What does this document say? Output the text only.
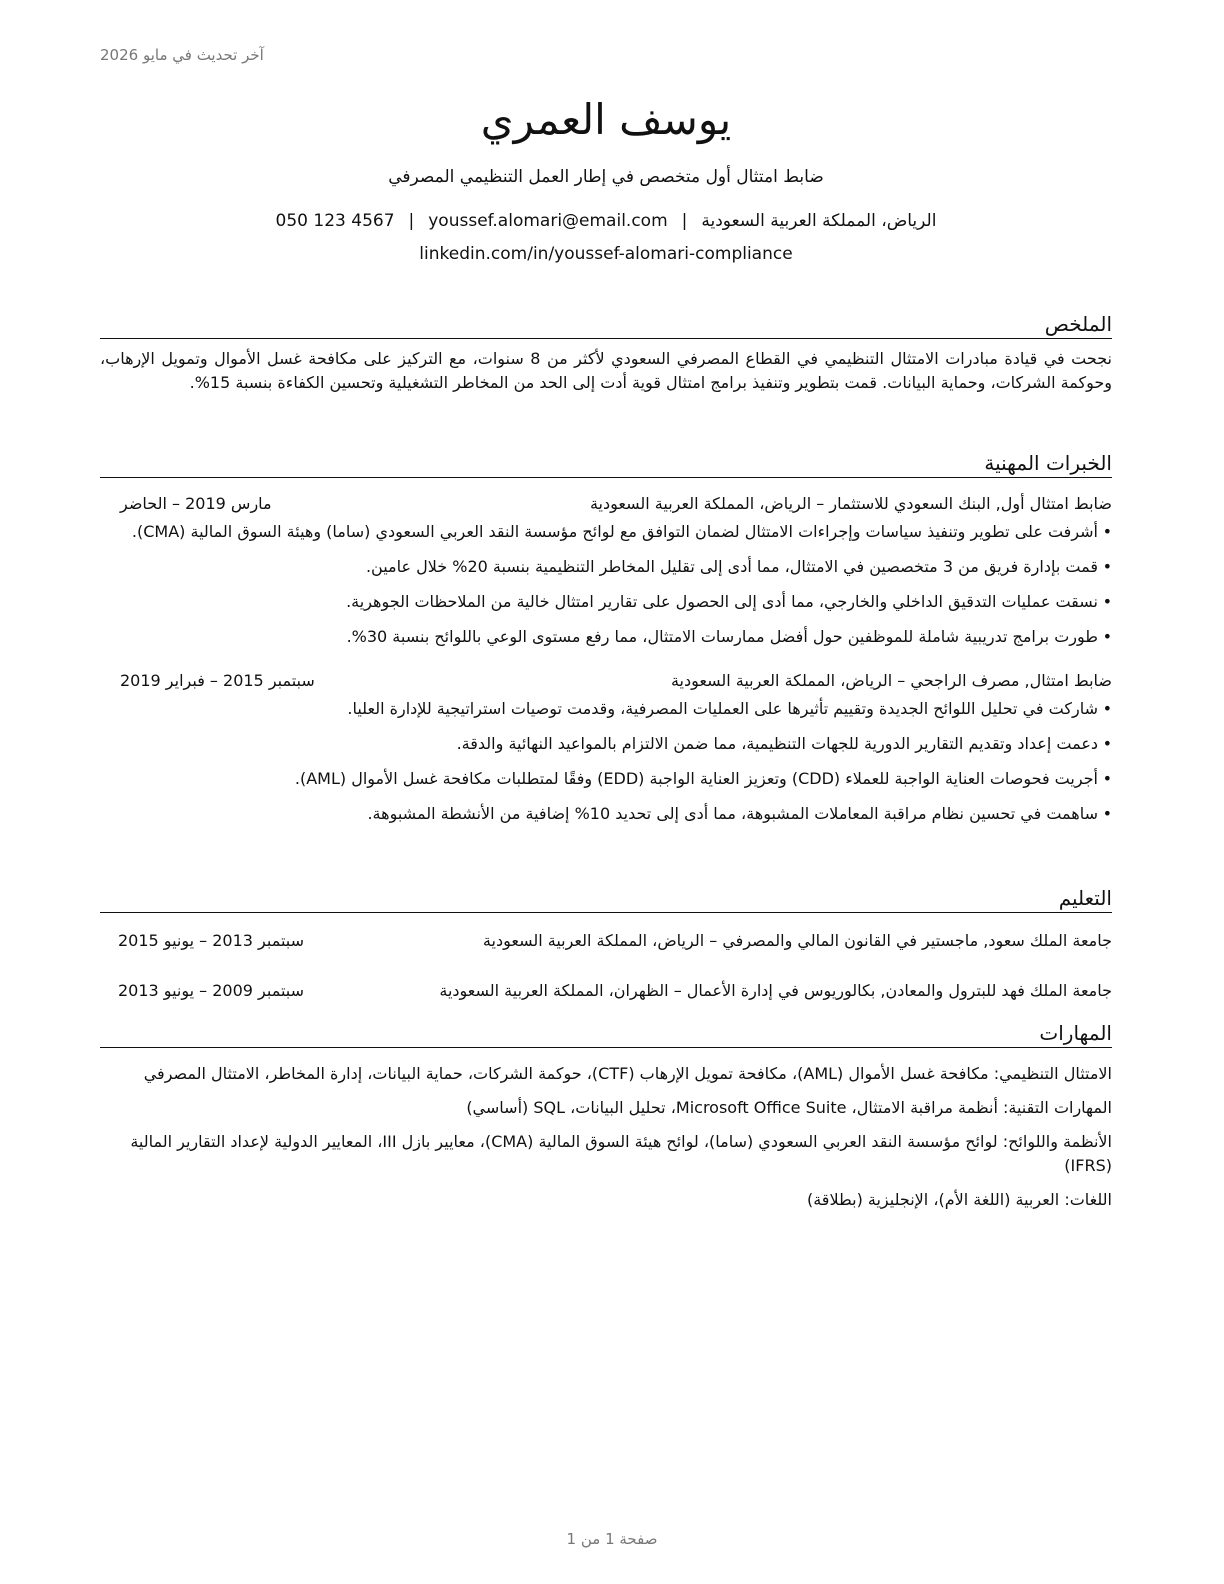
آخر تحديث في مايو 2026
يوسف العمري
ضابط امتثال أول متخصص في إطار العمل التنظيمي المصرفي
الرياض، المملكة العربية السعودية|youssef.alomari@email.com|050 123 4567
linkedin.com/in/youssef-alomari-compliance
الملخص
نجحت في قيادة مبادرات الامتثال التنظيمي في القطاع المصرفي السعودي لأكثر من 8 سنوات، مع التركيز على مكافحة غسل الأموال وتمويل الإرهاب، وحوكمة الشركات، وحماية البيانات. قمت بتطوير وتنفيذ برامج امتثال قوية أدت إلى الحد من المخاطر التشغيلية وتحسين الكفاءة بنسبة 15%.
الخبرات المهنية
ضابط امتثال أول, البنك السعودي للاستثمار – الرياض، المملكة العربية السعودية
مارس 2019 – الحاضر
• أشرفت على تطوير وتنفيذ سياسات وإجراءات الامتثال لضمان التوافق مع لوائح مؤسسة النقد العربي السعودي (ساما) وهيئة السوق المالية (CMA).
• قمت بإدارة فريق من 3 متخصصين في الامتثال، مما أدى إلى تقليل المخاطر التنظيمية بنسبة 20% خلال عامين.
• نسقت عمليات التدقيق الداخلي والخارجي، مما أدى إلى الحصول على تقارير امتثال خالية من الملاحظات الجوهرية.
• طورت برامج تدريبية شاملة للموظفين حول أفضل ممارسات الامتثال، مما رفع مستوى الوعي باللوائح بنسبة 30%.
ضابط امتثال, مصرف الراجحي – الرياض، المملكة العربية السعودية
سبتمبر 2015 – فبراير 2019
• شاركت في تحليل اللوائح الجديدة وتقييم تأثيرها على العمليات المصرفية، وقدمت توصيات استراتيجية للإدارة العليا.
• دعمت إعداد وتقديم التقارير الدورية للجهات التنظيمية، مما ضمن الالتزام بالمواعيد النهائية والدقة.
• أجريت فحوصات العناية الواجبة للعملاء (CDD) وتعزيز العناية الواجبة (EDD) وفقًا لمتطلبات مكافحة غسل الأموال (AML).
• ساهمت في تحسين نظام مراقبة المعاملات المشبوهة، مما أدى إلى تحديد 10% إضافية من الأنشطة المشبوهة.
التعليم
جامعة الملك سعود, ماجستير في القانون المالي والمصرفي – الرياض، المملكة العربية السعودية
سبتمبر 2013 – يونيو 2015
جامعة الملك فهد للبترول والمعادن, بكالوريوس في إدارة الأعمال – الظهران، المملكة العربية السعودية
سبتمبر 2009 – يونيو 2013
المهارات
الامتثال التنظيمي: مكافحة غسل الأموال (AML)، مكافحة تمويل الإرهاب (CTF)، حوكمة الشركات، حماية البيانات، إدارة المخاطر، الامتثال المصرفي
المهارات التقنية: أنظمة مراقبة الامتثال، Microsoft Office Suite، تحليل البيانات، SQL (أساسي)
الأنظمة واللوائح: لوائح مؤسسة النقد العربي السعودي (ساما)، لوائح هيئة السوق المالية (CMA)، معايير بازل III، المعايير الدولية لإعداد التقارير المالية (IFRS)
اللغات: العربية (اللغة الأم)، الإنجليزية (بطلاقة)
صفحة 1 من 1
